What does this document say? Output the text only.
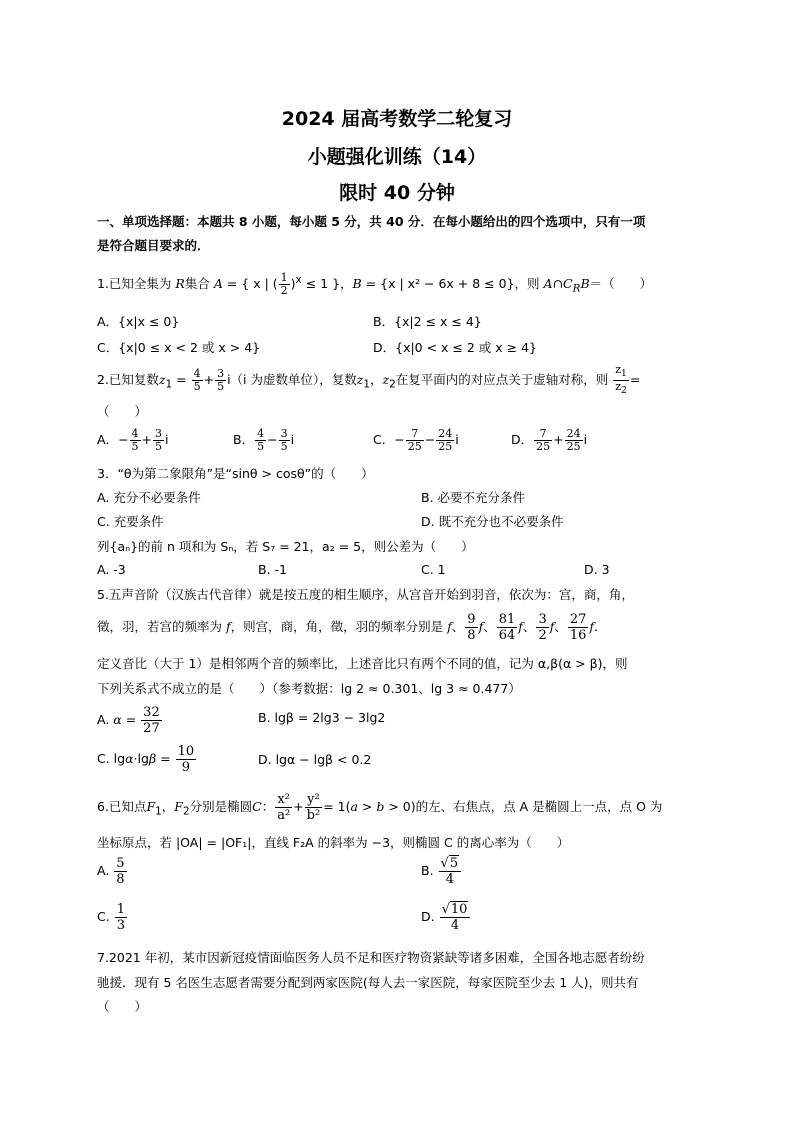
2024 届高考数学二轮复习
小题强化训练（14）
限时 40 分钟
一、单项选择题：本题共 8 小题，每小题 5 分，共 40 分．在每小题给出的四个选项中，只有一项
是符合题目要求的．
1.已知全集为 R集合 A = { x | ( $\frac{1}{2} )^x \le 1$ }，B = {x | x² − 6x + 8 ≤ 0}，则 $A\cap C_RB=$（　　）
A．{x|x ≤ 0}	B．{x|2 ≤ x ≤ 4}
C．{x|0 ≤ x < 2 或 x > 4}	D．{x|0 < x ≤ 2 或 x ≥ 4}
2.已知复数$z_1 = \frac{4}{5} + \frac{3}{5} i(i$ 为虚数单位），复数$z_1$，$z_2$在复平面内的对应点关于虚轴对称，则 $\frac{z_1}{z_2}$ =
（　　）
A．− $\frac{4}{5} + \frac{3}{5}$ i	B． $\frac{4}{5} - \frac{3}{5}$ i	C．− $\frac{7}{25} - \frac{24}{25}$ i	D． $\frac{7}{25} + \frac{24}{25}$ i
3．“θ为第二象限角”是“sinθ > cosθ”的（　　）
A. 充分不必要条件	B. 必要不充分条件
C. 充要条件	D. 既不充分也不必要条件
列{aₙ}的前 n 项和为 Sₙ，若 S₇ = 21，a₂ = 5，则公差为（　　）
A. -3	B. -1	C. 1	D. 3
5.五声音阶（汉族古代音律）就是按五度的相生顺序，从宫音开始到羽音，依次为：宫，商，角，
徵，羽，若宫的频率为 f，则宫，商，角，徵，羽的频率分别是 f、 $\frac{9}{8}$ f、 $\frac{81}{64}$ f、 $\frac{3}{2}$ f、 $\frac{27}{16}$ f．
定义音比（大于 1）是相邻两个音的频率比，上述音比只有两个不同的值，记为 α,β(α > β)，则
下列关系式不成立的是（　　）（参考数据：lg 2 ≈ 0.301、lg 3 ≈ 0.477）
A. $\alpha = \frac{32}{27}$	B. lgβ = 2lg3 − 3lg2
C. $\lg\alpha\cdot\lg\beta = \frac{10}{9}$	D. lgα − lgβ < 0.2
6.已知点$F_1$，$F_2$分别是椭圆C： $\frac{\text{x²}}{\text{a²}} + \frac{\text{y²}}{\text{b²}} = 1(a > b > 0)$的左、右焦点，点 A 是椭圆上一点，点 O 为
坐标原点，若 |OA| = |OF₁|，直线 F₂A 的斜率为 −3，则椭圆 C 的离心率为（　　）
A. $\frac{5}{8}$	B. $\frac{√5}{4}$
C. $\frac{1}{3}$	D. $\frac{√10}{4}$
7.2021 年初，某市因新冠疫情面临医务人员不足和医疗物资紧缺等诸多困难，全国各地志愿者纷纷
驰援．现有 5 名医生志愿者需要分配到两家医院(每人去一家医院，每家医院至少去 1 人)，则共有
（　　）
